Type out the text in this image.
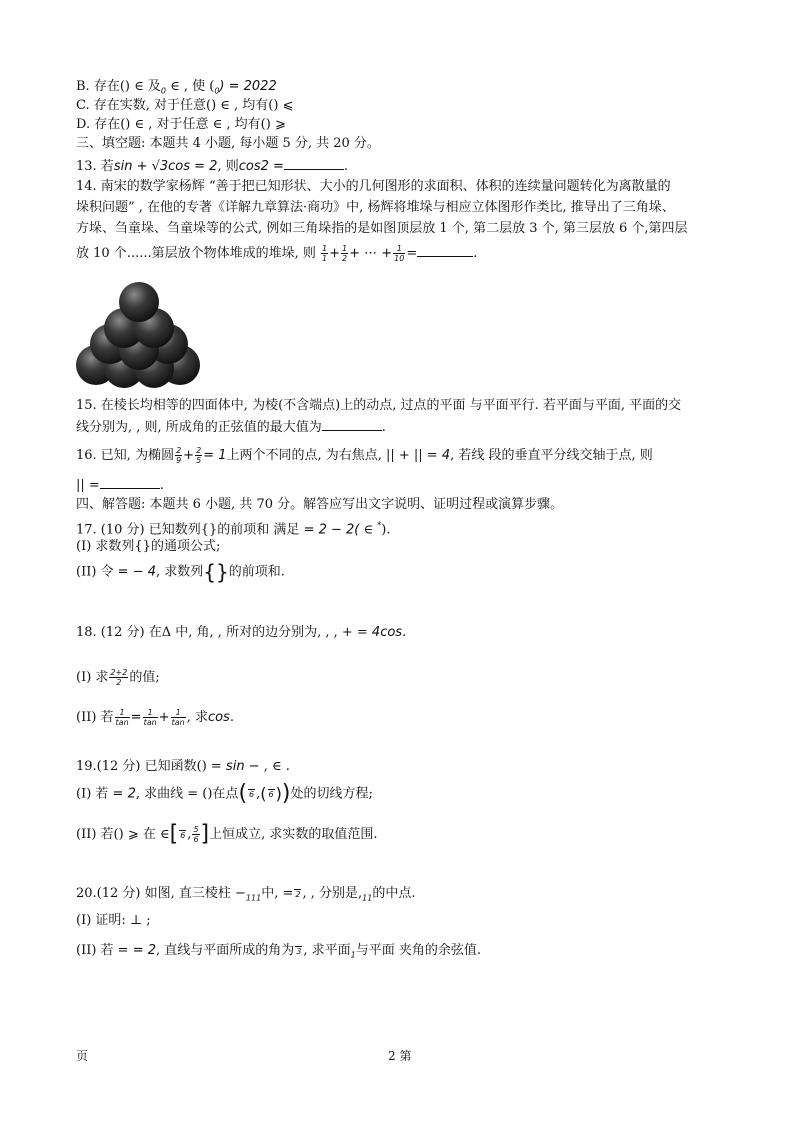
B. 存在() ∈ 及$_0$ ∈ , 使 $(_0) = 2022$
C. 存在实数, 对于任意() ∈ , 均有() ⩽
D. 存在() ∈ , 对于任意 ∈ , 均有() ⩾
三、填空题: 本题共 4 小题, 每小题 5 分, 共 20 分。
13. 若sin + √3cos = 2, 则cos2 =	.
14. 南宋的数学家杨辉 “善于把已知形状、大小的几何图形的求面积、体积的连续量问题转化为离散量的
垛积问题” , 在他的专著《详解九章算法·商功》中, 杨辉将堆垛与相应立体图形作类比, 推导出了三角垛、
方垛、刍童垛、刍童垛等的公式, 例如三角垛指的是如图顶层放 1 个, 第二层放 3 个, 第三层放 6 个,第四层
放 10 个......第层放个物体堆成的堆垛, 则 $\frac{1}{1} + \frac{1}{2}$ + ⋯ + $\frac{1}{10}$ =	.
15. 在棱长均相等的四面体中, 为棱(不含端点)上的动点, 过点的平面 与平面平行. 若平面与平面, 平面的交
线分别为, , 则, 所成角的正弦值的最大值为	.
16. 已知, 为椭圆 $\frac{2}{9} + \frac{2}{5} = 1$上两个不同的点, 为右焦点, || + || = 4, 若线 段的垂直平分线交轴于点, 则
|| =	.
四、解答题: 本题共 6 小题, 共 70 分。解答应写出文字说明、证明过程或演算步骤。
17. (10 分) 已知数列{}的前项和 满足 = 2 − 2( ∈ *).
(I) 求数列{}的通项公式;
(II) 令 = − 4, 求数列{}的前项和.
18. (12 分) 在Δ 中, 角, , 所对的边分别为, , , + = 4cos.
(I) 求 $\frac{2+2}{2}$ 的值;
(II) 若 $\frac{1}{\tan} = \frac{1}{\tan} + \frac{1}{\tan}$ , 求cos.
19.(12 分) 已知函数() = sin − , ∈ .
(I) 若 = 2, 求曲线 = ()在点( 6 ,( 6 ))处的切线方程;
(II) 若() ⩾ 在 ∈[ 6 , $\frac{5}{6}$ ]上恒成立, 求实数的取值范围.
20.(12 分) 如图, 直三棱柱 $-_{111}$中, = 2 , , 分别是$,_{11}$的中点.
(I) 证明: ⊥ ;
(II) 若 = = 2, 直线与平面所成的角为 3 , 求平面$_1$与平面 夹角的余弦值.
页	2 第
